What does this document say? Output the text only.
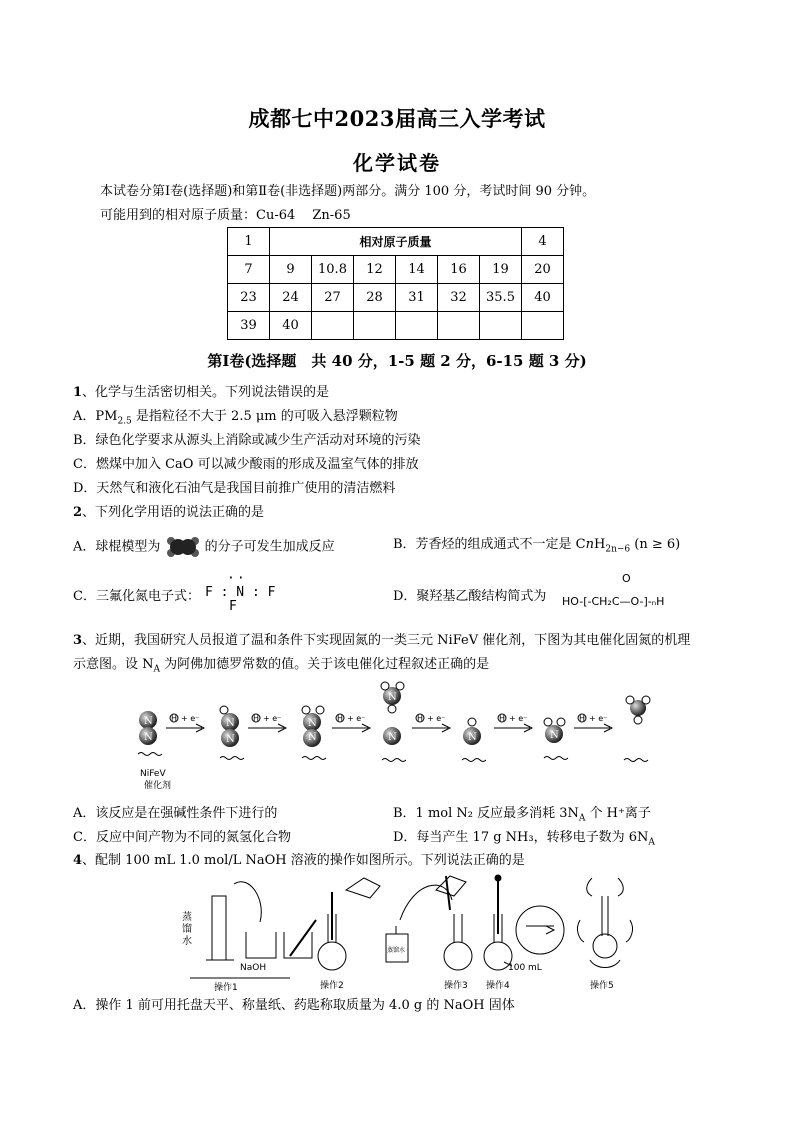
成都七中2023届高三入学考试
化学试卷
本试卷分第Ⅰ卷(选择题)和第Ⅱ卷(非选择题)两部分。满分 100 分，考试时间 90 分钟。
可能用到的相对原子质量：Cu-64　 Zn-65
1	相对原子质量						4
7	9	10.8	12	14	16	19	20
23	24	27	28	31	32	35.5	40
39	40						
第Ⅰ卷(选择题　共 40 分，1-5 题 2 分，6-15 题 3 分)
1、化学与生活密切相关。下列说法错误的是
A．$PM_{2.5}$ 是指粒径不大于 2.5 μm 的可吸入悬浮颗粒物
B．绿色化学要求从源头上消除或减少生产活动对环境的污染
C．燃煤中加入 CaO 可以减少酸雨的形成及温室气体的排放
D．天然气和液化石油气是我国目前推广使用的清洁燃料
2、下列化学用语的说法正确的是
A．球棍模型为	的分子可发生加成反应	B．芳香烃的组成通式不一定是 CnH$_{2n-6}$ (n ≥ 6)
C．三氟化氮电子式：
··
F : N : F
F
D．聚羟基乙酸结构简式为
O
HO-[-CH₂C—O-]-ₙH
3、近期，我国研究人员报道了温和条件下实现固氮的一类三元 NiFeV 催化剂，下图为其电催化固氮的机理
示意图。设 $N_A$ 为阿佛加德罗常数的值。关于该电催化过程叙述正确的是
N
N
NiFeV
催化剂
H + e⁻	N
N
H + e⁻	N
N
H + e⁻
N
N
H + e⁻
N
H + e⁻
N
H + e⁻
A．该反应是在强碱性条件下进行的	B．1 mol N₂ 反应最多消耗 $3N_A$ 个 H⁺离子
C．反应中间产物为不同的氮氢化合物	D．每当产生 17 g NH₃，转移电子数为 $6N_A$
4、配制 100 mL 1.0 mol/L NaOH 溶液的操作如图所示。下列说法正确的是
蒸
馏
水
NaOH
蒸馏水
100 mL
操作1	操作2	操作3 操作4	操作5
A．操作 1 前可用托盘天平、称量纸、药匙称取质量为 4.0 g 的 NaOH 固体
